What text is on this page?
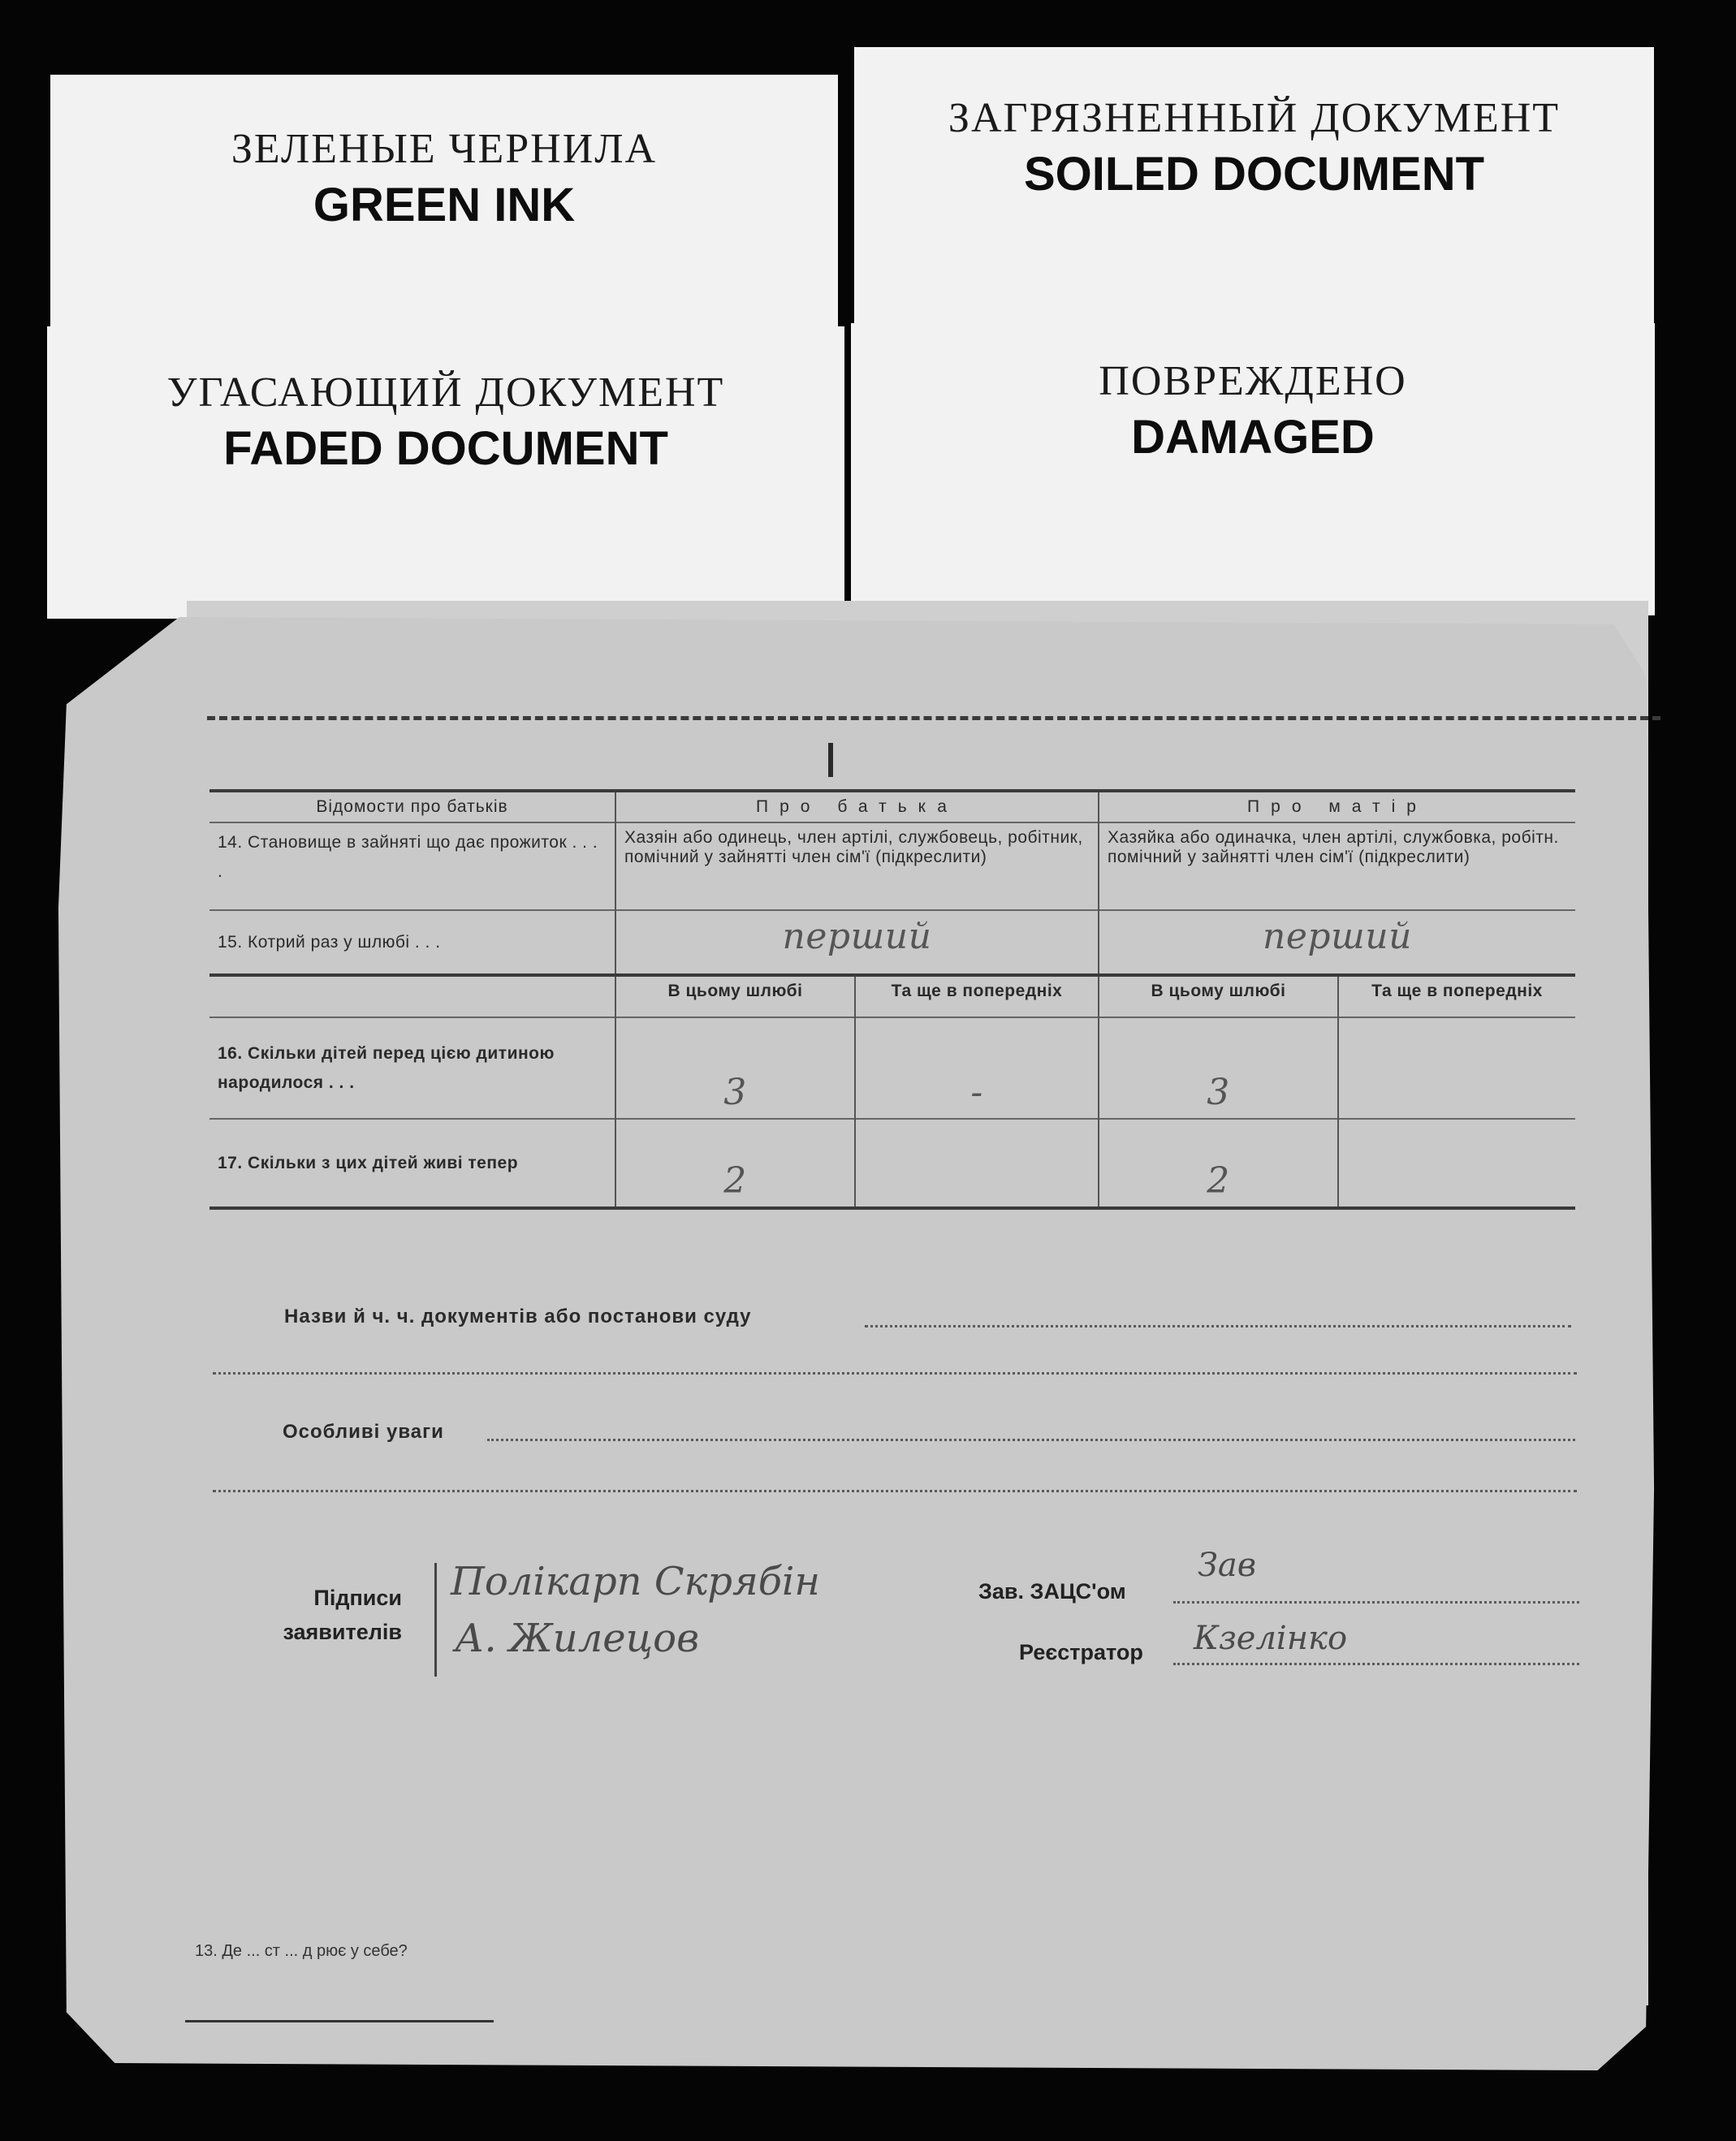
ЗЕЛЕНЫЕ ЧЕРНИЛА
GREEN INK
ЗАГРЯЗНЕННЫЙ ДОКУМЕНТ
SOILED DOCUMENT
УГАСАЮЩИЙ ДОКУМЕНТ
FADED DOCUMENT
ПОВРЕЖДЕНО
DAMAGED
Відомости про батьків	Про батька		Про матір	
14. Становище в зайняті що дає прожиток . . . .	Хазяін або одинець, член артілі, службовець, робітник, помічний у зайнятті член сім'ї (підкреслити)		Хазяйка або одиначка, член артілі, службовка, робітн. помічний у зайнятті член сім'ї (підкреслити)	
15. Котрий раз у шлюбі . . .	перший		перший	
	В цьому шлюбі	Та ще в попередніх	В цьому шлюбі	Та ще в попередніх
16. Скільки дітей перед цією дитиною народилося . . .	3	-	3	
17. Скільки з цих дітей живі тепер	2		2	
Назви й ч. ч. документів або постанови суду
Особливі уваги
Підписи заявителів
Полікарп Скрябін
А. Жилецов
Зав. ЗАЦС'ом
Зав
Реєстратор Кзелінко
13. Де ... ст ... д рює у себе?
